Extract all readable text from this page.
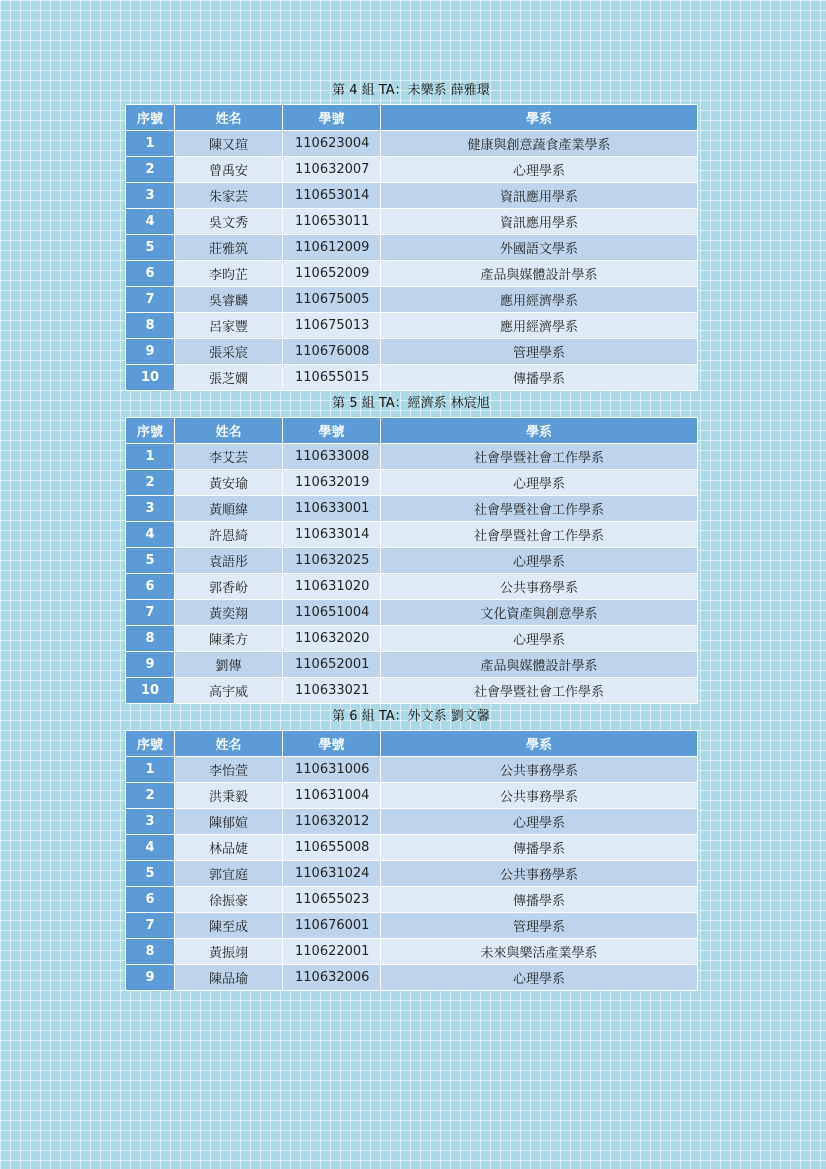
第 4 組 TA：未樂系 薛雅環
序號	姓名	學號	學系
1	陳又瑄	110623004	健康與創意蔬食產業學系
2	曾禹安	110632007	心理學系
3	朱家芸	110653014	資訊應用學系
4	吳文秀	110653011	資訊應用學系
5	莊雅筑	110612009	外國語文學系
6	李昀芷	110652009	產品與媒體設計學系
7	吳睿麟	110675005	應用經濟學系
8	呂家豐	110675013	應用經濟學系
9	張采宸	110676008	管理學系
10	張芝嫻	110655015	傳播學系
第 5 組 TA：經濟系 林宸旭
序號	姓名	學號	學系
1	李艾芸	110633008	社會學暨社會工作學系
2	黃安瑜	110632019	心理學系
3	黃順緯	110633001	社會學暨社會工作學系
4	許恩綺	110633014	社會學暨社會工作學系
5	袁語彤	110632025	心理學系
6	郭香岎	110631020	公共事務學系
7	黃奕翔	110651004	文化資產與創意學系
8	陳柔方	110632020	心理學系
9	劉傳	110652001	產品與媒體設計學系
10	高宇威	110633021	社會學暨社會工作學系
第 6 組 TA：外文系 劉文馨
序號	姓名	學號	學系
1	李怡萱	110631006	公共事務學系
2	洪秉毅	110631004	公共事務學系
3	陳郁媗	110632012	心理學系
4	林品婕	110655008	傳播學系
5	郭宜庭	110631024	公共事務學系
6	徐振豪	110655023	傳播學系
7	陳至成	110676001	管理學系
8	黃振翊	110622001	未來與樂活產業學系
9	陳品瑜	110632006	心理學系
